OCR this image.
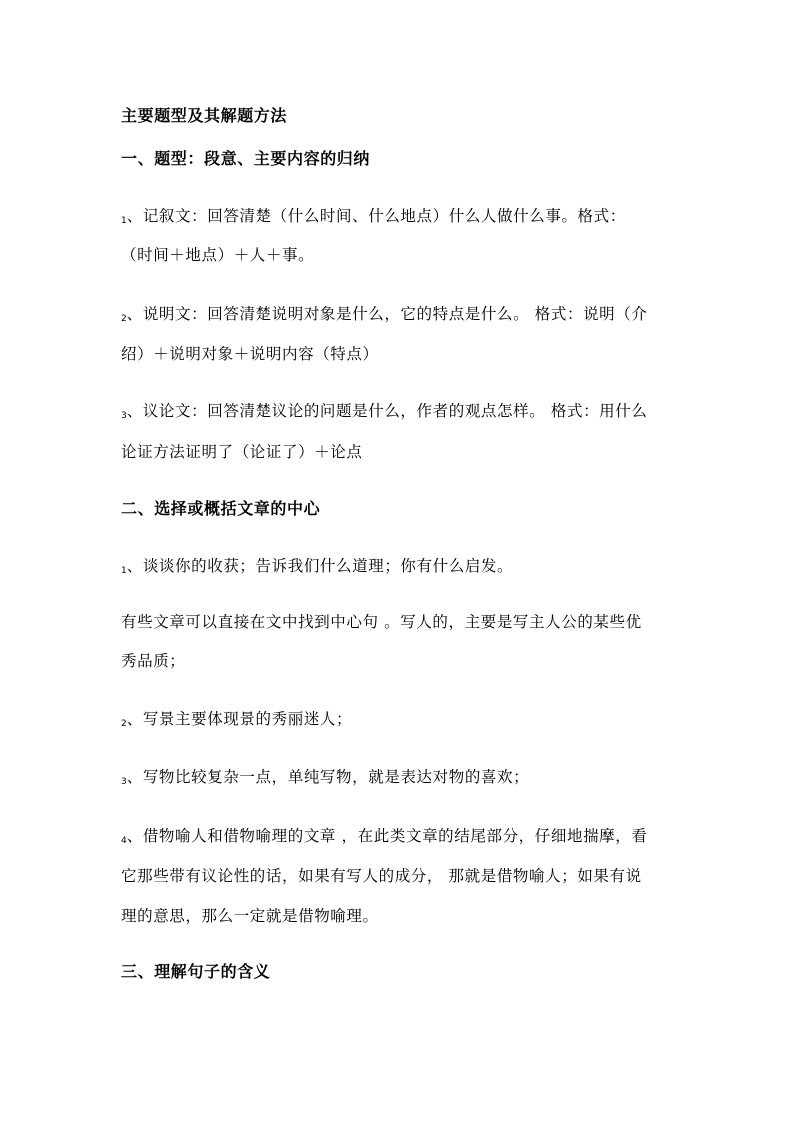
主要题型及其解题方法
一、题型：段意、主要内容的归纳
1、记叙文：回答清楚（什么时间、什么地点）什么人做什么事。格式：
（时间＋地点）＋人＋事。
2、说明文：回答清楚说明对象是什么，它的特点是什么。 格式：说明（介
绍）＋说明对象＋说明内容（特点）
3、议论文：回答清楚议论的问题是什么，作者的观点怎样。 格式：用什么
论证方法证明了（论证了）＋论点
二、选择或概括文章的中心
1、谈谈你的收获；告诉我们什么道理；你有什么启发。
有些文章可以直接在文中找到中心句 。写人的，主要是写主人公的某些优
秀品质；
2、写景主要体现景的秀丽迷人；
3、写物比较复杂一点，单纯写物，就是表达对物的喜欢；
4、借物喻人和借物喻理的文章 ，在此类文章的结尾部分，仔细地揣摩，看
它那些带有议论性的话，如果有写人的成分， 那就是借物喻人；如果有说
理的意思，那么一定就是借物喻理。
三、理解句子的含义
